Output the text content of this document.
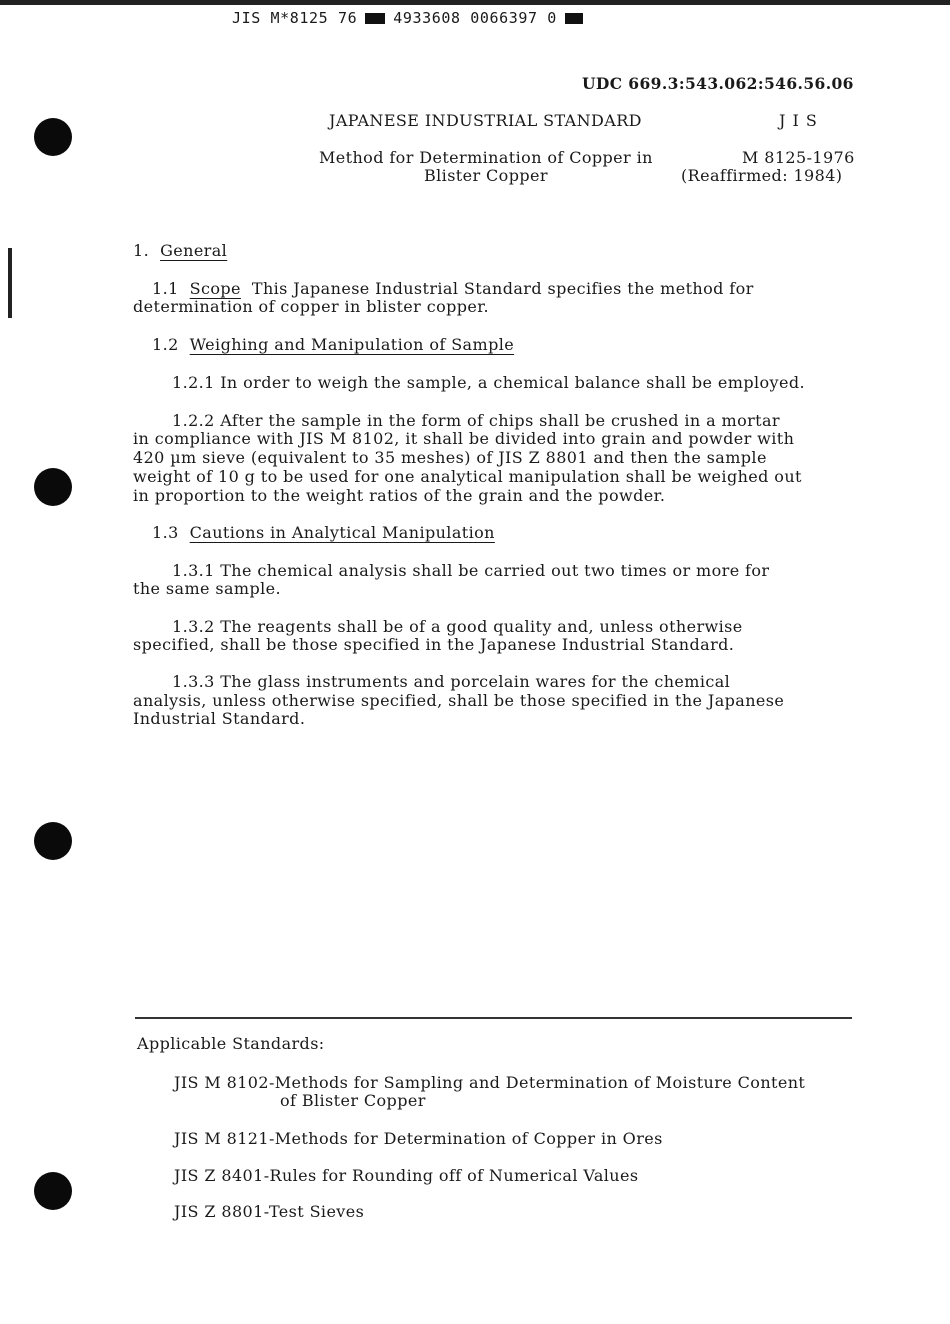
JIS M*8125 76 4933608 0066397 0
UDC 669.3:543.062:546.56.06
JAPANESE INDUSTRIAL STANDARD	J I S
Method for Determination of Copper in
Blister Copper
M 8125-1976
(Reaffirmed: 1984)
1. General
1.1 Scope This Japanese Industrial Standard specifies the method for
determination of copper in blister copper.
1.2 Weighing and Manipulation of Sample
1.2.1 In order to weigh the sample, a chemical balance shall be employed.
1.2.2 After the sample in the form of chips shall be crushed in a mortar
in compliance with JIS M 8102, it shall be divided into grain and powder with
420 µm sieve (equivalent to 35 meshes) of JIS Z 8801 and then the sample
weight of 10 g to be used for one analytical manipulation shall be weighed out
in proportion to the weight ratios of the grain and the powder.
1.3 Cautions in Analytical Manipulation
1.3.1 The chemical analysis shall be carried out two times or more for
the same sample.
1.3.2 The reagents shall be of a good quality and, unless otherwise
specified, shall be those specified in the Japanese Industrial Standard.
1.3.3 The glass instruments and porcelain wares for the chemical
analysis, unless otherwise specified, shall be those specified in the Japanese
Industrial Standard.
Applicable Standards:
JIS M 8102-Methods for Sampling and Determination of Moisture Content
of Blister Copper
JIS M 8121-Methods for Determination of Copper in Ores
JIS Z 8401-Rules for Rounding off of Numerical Values
JIS Z 8801-Test Sieves
